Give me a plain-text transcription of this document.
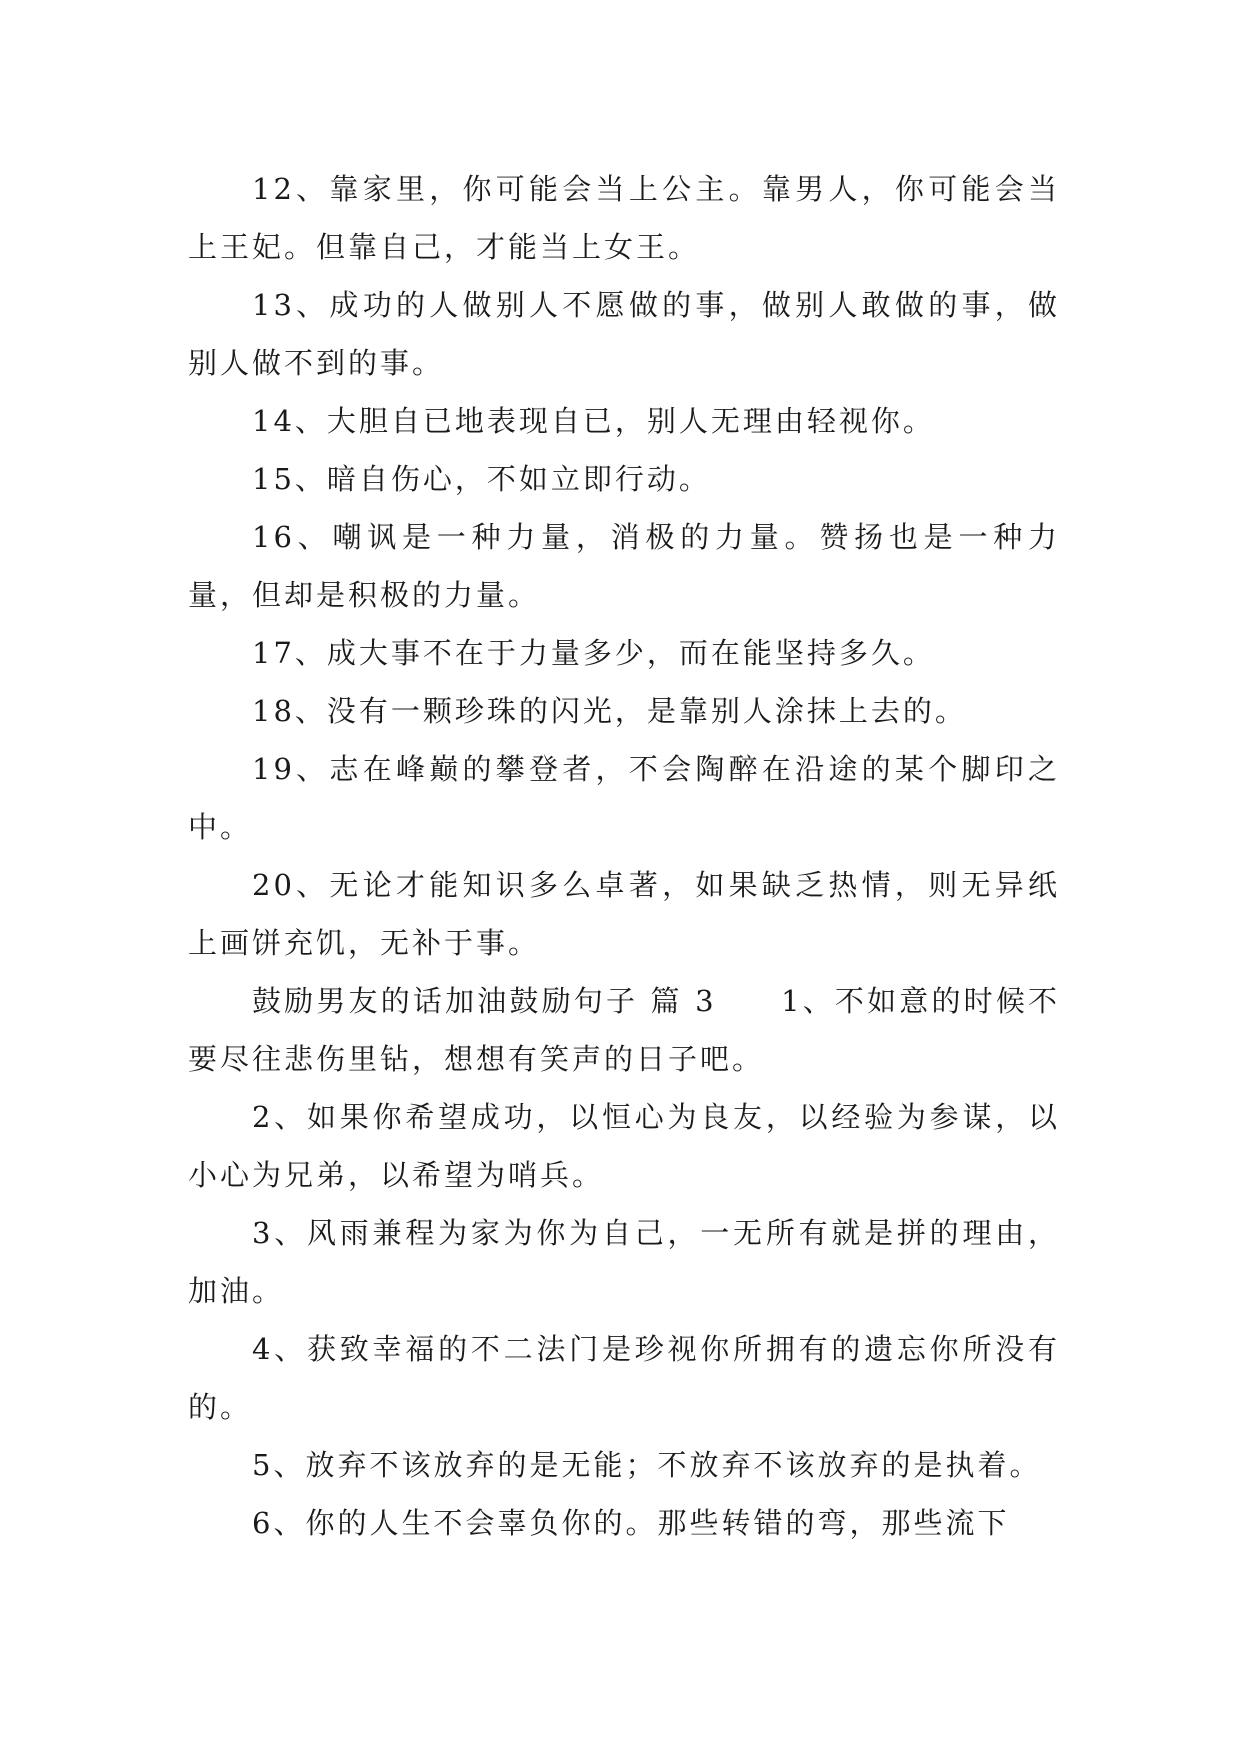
12、靠家里，你可能会当上公主。靠男人，你可能会当上王妃。但靠自己，才能当上女王。

13、成功的人做别人不愿做的事，做别人敢做的事，做别人做不到的事。

14、大胆自已地表现自已，别人无理由轻视你。

15、暗自伤心，不如立即行动。

16、嘲讽是一种力量，消极的力量。赞扬也是一种力量，但却是积极的力量。

17、成大事不在于力量多少，而在能坚持多久。

18、没有一颗珍珠的闪光，是靠别人涂抹上去的。

19、志在峰巅的攀登者，不会陶醉在沿途的某个脚印之中。

20、无论才能知识多么卓著，如果缺乏热情，则无异纸上画饼充饥，无补于事。

鼓励男友的话加油鼓励句子 篇 3　　1、不如意的时候不要尽往悲伤里钻，想想有笑声的日子吧。

2、如果你希望成功，以恒心为良友，以经验为参谋，以小心为兄弟，以希望为哨兵。

3、风雨兼程为家为你为自己，一无所有就是拼的理由，加油。

4、获致幸福的不二法门是珍视你所拥有的遗忘你所没有的。

5、放弃不该放弃的是无能；不放弃不该放弃的是执着。

6、你的人生不会辜负你的。那些转错的弯，那些流下
